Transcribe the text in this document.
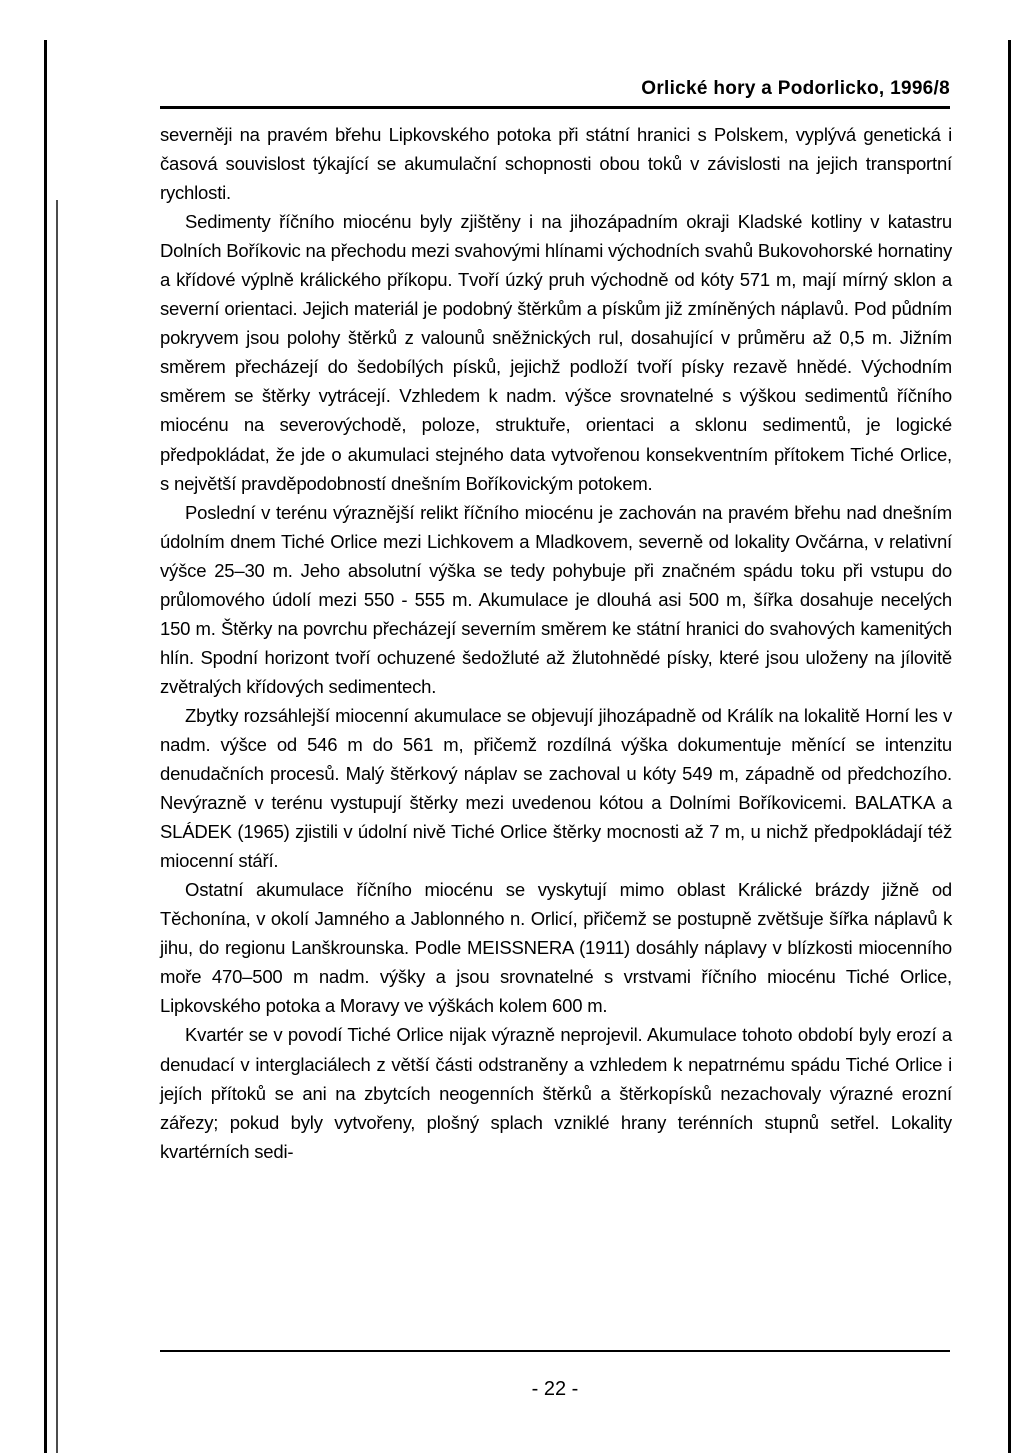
Orlické hory a Podorlicko, 1996/8

severněji na pravém břehu Lipkovského potoka při státní hranici s Polskem, vyplývá genetická i časová souvislost týkající se akumulační schopnosti obou toků v závislosti na jejich transportní rychlosti.

Sedimenty říčního miocénu byly zjištěny i na jihozápadním okraji Kladské kotliny v katastru Dolních Boříkovic na přechodu mezi svahovými hlínami východních svahů Bukovohorské hornatiny a křídové výplně králického příkopu. Tvoří úzký pruh východně od kóty 571 m, mají mírný sklon a severní orientaci. Jejich materiál je podobný štěrkům a pískům již zmíněných náplavů. Pod půdním pokryvem jsou polohy štěrků z valounů sněžnických rul, dosahující v průměru až 0,5 m. Jižním směrem přecházejí do šedobílých písků, jejichž podloží tvoří písky rezavě hnědé. Východním směrem se štěrky vytrácejí. Vzhledem k nadm. výšce srovnatelné s výškou sedimentů říčního miocénu na severovýchodě, poloze, struktuře, orientaci a sklonu sedimentů, je logické předpokládat, že jde o akumulaci stejného data vytvořenou konsekventním přítokem Tiché Orlice, s největší pravděpodobností dnešním Boříkovickým potokem.

Poslední v terénu výraznější relikt říčního miocénu je zachován na pravém břehu nad dnešním údolním dnem Tiché Orlice mezi Lichkovem a Mladkovem, severně od lokality Ovčárna, v relativní výšce 25–30 m. Jeho absolutní výška se tedy pohybuje při značném spádu toku při vstupu do průlomového údolí mezi 550 - 555 m. Akumulace je dlouhá asi 500 m, šířka dosahuje necelých 150 m. Štěrky na povrchu přecházejí severním směrem ke státní hranici do svahových kamenitých hlín. Spodní horizont tvoří ochuzené šedožluté až žlutohnědé písky, které jsou uloženy na jílovitě zvětralých křídových sedimentech.

Zbytky rozsáhlejší miocenní akumulace se objevují jihozápadně od Králík na lokalitě Horní les v nadm. výšce od 546 m do 561 m, přičemž rozdílná výška dokumentuje měnící se intenzitu denudačních procesů. Malý štěrkový náplav se zachoval u kóty 549 m, západně od předchozího. Nevýrazně v terénu vystupují štěrky mezi uvedenou kótou a Dolními Boříkovicemi. BALATKA a SLÁDEK (1965) zjistili v údolní nivě Tiché Orlice štěrky mocnosti až 7 m, u nichž předpokládají též miocenní stáří.

Ostatní akumulace říčního miocénu se vyskytují mimo oblast Králické brázdy jižně od Těchonína, v okolí Jamného a Jablonného n. Orlicí, přičemž se postupně zvětšuje šířka náplavů k jihu, do regionu Lanškrounska. Podle MEISSNERA (1911) dosáhly náplavy v blízkosti miocenního moře 470–500 m nadm. výšky a jsou srovnatelné s vrstvami říčního miocénu Tiché Orlice, Lipkovského potoka a Moravy ve výškách kolem 600 m.

Kvartér se v povodí Tiché Orlice nijak výrazně neprojevil. Akumulace tohoto období byly erozí a denudací v interglaciálech z větší části odstraněny a vzhledem k nepatrnému spádu Tiché Orlice i jejích přítoků se ani na zbytcích neogenních štěrků a štěrkopísků nezachovaly výrazné erozní zářezy; pokud byly vytvořeny, plošný splach vzniklé hrany terénních stupnů setřel. Lokality kvartérních sedi-

- 22 -
